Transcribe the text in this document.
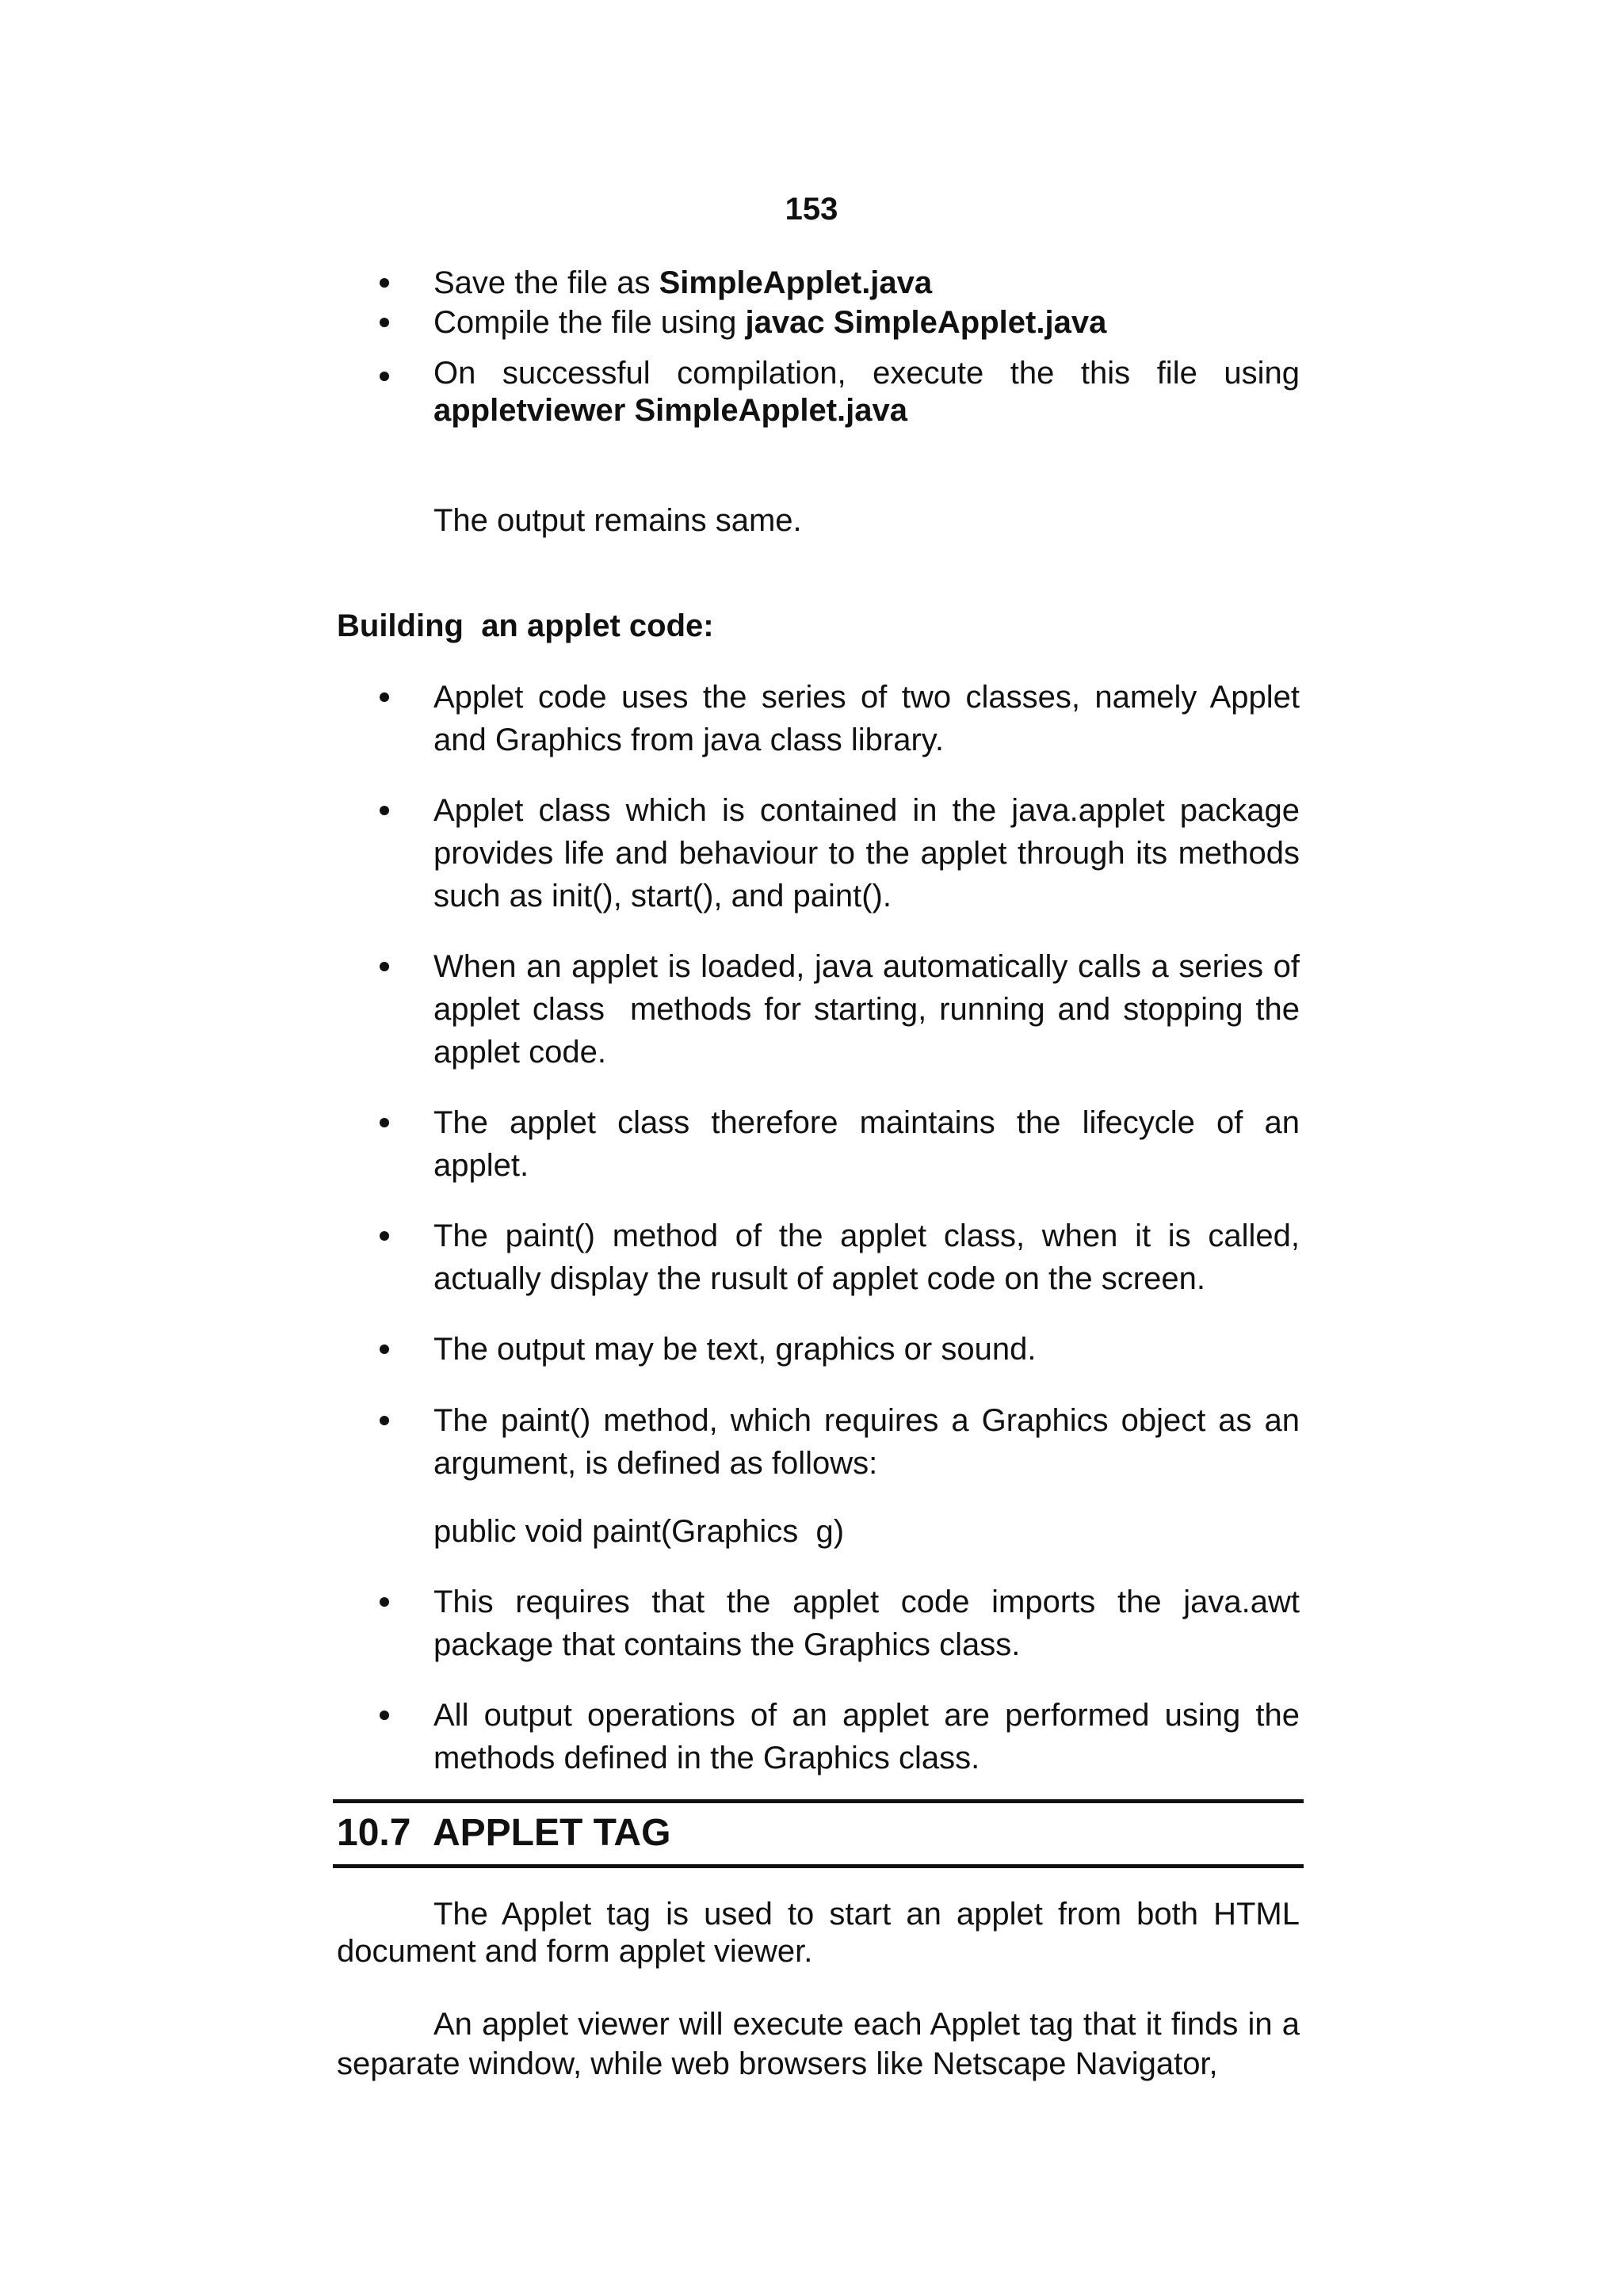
153
Save the file as SimpleApplet.java
Compile the file using javac SimpleApplet.java
On successful compilation, execute the this file using appletviewer SimpleApplet.java
The output remains same.
Building  an applet code:
Applet code uses the series of two classes, namely Applet and Graphics from java class library.
Applet class which is contained in the java.applet package provides life and behaviour to the applet through its methods such as init(), start(), and paint().
When an applet is loaded, java automatically calls a series of applet class  methods for starting, running and stopping the applet code.
The applet class therefore maintains the lifecycle of an applet.
The paint() method of the applet class, when it is called, actually display the rusult of applet code on the screen.
The output may be text, graphics or sound.
The paint() method, which requires a Graphics object as an argument, is defined as follows:
public void paint(Graphics  g)
This requires that the applet code imports the java.awt package that contains the Graphics class.
All output operations of an applet are performed using the methods defined in the Graphics class.
10.7 APPLET TAG
The Applet tag is used to start an applet from both HTML document and form applet viewer.
An applet viewer will execute each Applet tag that it finds in a separate window, while web browsers like Netscape Navigator,
